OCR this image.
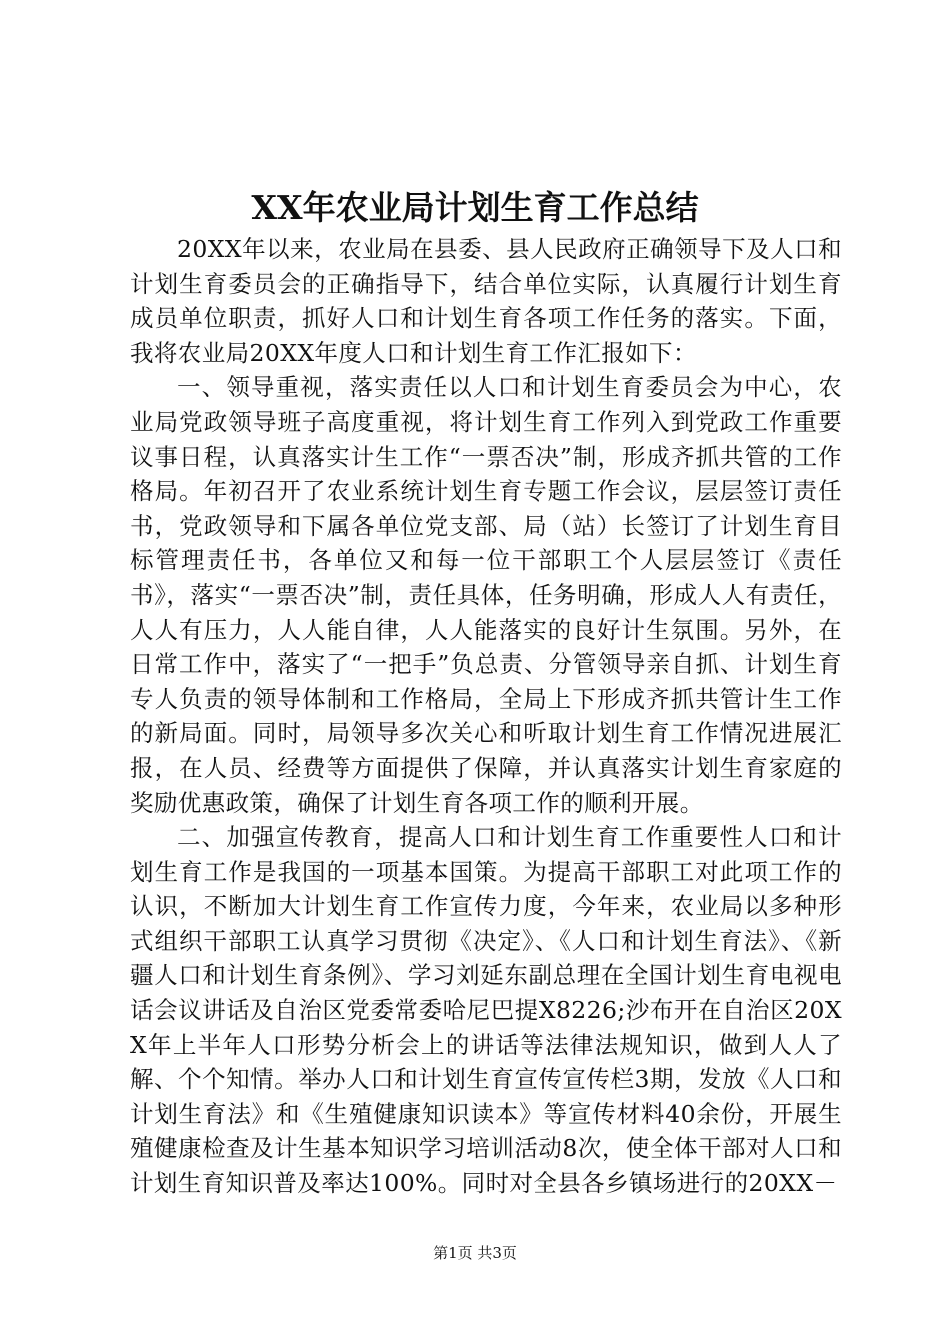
XX年农业局计划生育工作总结

20XX年以来，农业局在县委、县人民政府正确领导下及人口和计划生育委员会的正确指导下，结合单位实际，认真履行计划生育成员单位职责，抓好人口和计划生育各项工作任务的落实。下面，我将农业局20XX年度人口和计划生育工作汇报如下：

一、领导重视，落实责任以人口和计划生育委员会为中心，农业局党政领导班子高度重视，将计划生育工作列入到党政工作重要议事日程，认真落实计生工作“一票否决”制，形成齐抓共管的工作格局。年初召开了农业系统计划生育专题工作会议，层层签订责任书，党政领导和下属各单位党支部、局（站）长签订了计划生育目标管理责任书，各单位又和每一位干部职工个人层层签订《责任书》，落实“一票否决”制，责任具体，任务明确，形成人人有责任，人人有压力，人人能自律，人人能落实的良好计生氛围。另外，在日常工作中，落实了“一把手”负总责、分管领导亲自抓、计划生育专人负责的领导体制和工作格局，全局上下形成齐抓共管计生工作的新局面。同时，局领导多次关心和听取计划生育工作情况进展汇报，在人员、经费等方面提供了保障，并认真落实计划生育家庭的奖励优惠政策，确保了计划生育各项工作的顺利开展。

二、加强宣传教育，提高人口和计划生育工作重要性人口和计划生育工作是我国的一项基本国策。为提高干部职工对此项工作的认识，不断加大计划生育工作宣传力度，今年来，农业局以多种形式组织干部职工认真学习贯彻《决定》、《人口和计划生育法》、《新疆人口和计划生育条例》、学习刘延东副总理在全国计划生育电视电话会议讲话及自治区党委常委哈尼巴提X8226;沙布开在自治区20XX年上半年人口形势分析会上的讲话等法律法规知识，做到人人了解、个个知情。举办人口和计划生育宣传宣传栏3期，发放《人口和计划生育法》和《生殖健康知识读本》等宣传材料40余份，开展生殖健康检查及计生基本知识学习培训活动8次，使全体干部对人口和计划生育知识普及率达100%。同时对全县各乡镇场进行的20XX－

第1页 共3页
